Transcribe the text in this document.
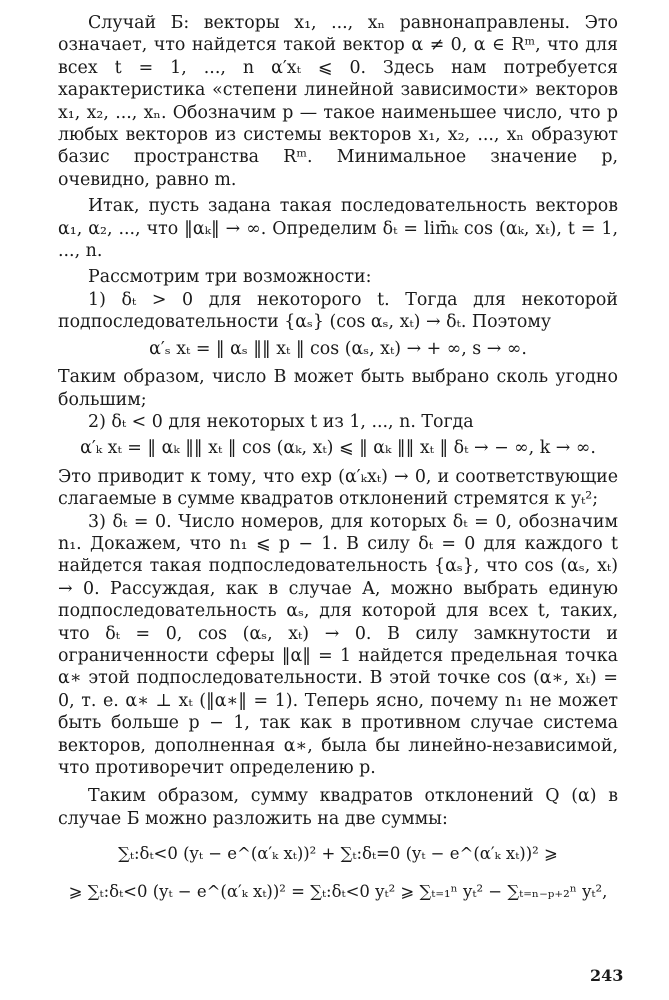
Случай Б: векторы x₁, ..., xₙ равнонаправлены. Это означает, что найдется такой вектор α ≠ 0, α ∈ Rᵐ, что для всех t = 1, ..., n α′xₜ ⩽ 0. Здесь нам потребуется характеристика «степени линейной зависимости» векторов x₁, x₂, ..., xₙ. Обозначим p — такое наименьшее число, что p любых векторов из системы векторов x₁, x₂, ..., xₙ образуют базис пространства Rᵐ. Минимальное значение p, очевидно, равно m.

Итак, пусть задана такая последовательность векторов α₁, α₂, ..., что ‖αₖ‖ → ∞. Определим δₜ = lim̄ₖ cos (αₖ, xₜ), t = 1, ..., n.

Рассмотрим три возможности:

1) δₜ > 0 для некоторого t. Тогда для некоторой подпоследовательности {αₛ} (cos αₛ, xₜ) → δₜ. Поэтому

α′ₛ xₜ = ‖ αₛ ‖‖ xₜ ‖ cos (αₛ, xₜ) → + ∞, s → ∞.

Таким образом, число B может быть выбрано сколь угодно большим;

2) δₜ < 0 для некоторых t из 1, ..., n. Тогда

α′ₖ xₜ = ‖ αₖ ‖‖ xₜ ‖ cos (αₖ, xₜ) ⩽ ‖ αₖ ‖‖ xₜ ‖ δₜ → − ∞, k → ∞.

Это приводит к тому, что exp (α′ₖxₜ) → 0, и соответствующие слагаемые в сумме квадратов отклонений стремятся к yₜ²;

3) δₜ = 0. Число номеров, для которых δₜ = 0, обозначим n₁. Докажем, что n₁ ⩽ p − 1. В силу δₜ = 0 для каждого t найдется такая подпоследовательность {αₛ}, что cos (αₛ, xₜ) → 0. Рассуждая, как в случае A, можно выбрать единую подпоследовательность αₛ, для которой для всех t, таких, что δₜ = 0, cos (αₛ, xₜ) → 0. В силу замкнутости и ограниченности сферы ‖α‖ = 1 найдется предельная точка α∗ этой подпоследовательности. В этой точке cos (α∗, xₜ) = 0, т. е. α∗ ⊥ xₜ (‖α∗‖ = 1). Теперь ясно, почему n₁ не может быть больше p − 1, так как в противном случае система векторов, дополненная α∗, была бы линейно-независимой, что противоречит определению p.

Таким образом, сумму квадратов отклонений Q (α) в случае Б можно разложить на две суммы:

∑ₜ:δₜ<0 (yₜ − e^(α′ₖ xₜ))² + ∑ₜ:δₜ=0 (yₜ − e^(α′ₖ xₜ))² ⩾

⩾ ∑ₜ:δₜ<0 (yₜ − e^(α′ₖ xₜ))² = ∑ₜ:δₜ<0 yₜ² ⩾ ∑ₜ₌₁ⁿ yₜ² − ∑ₜ₌ₙ₋ₚ₊₂ⁿ yₜ²,

243
